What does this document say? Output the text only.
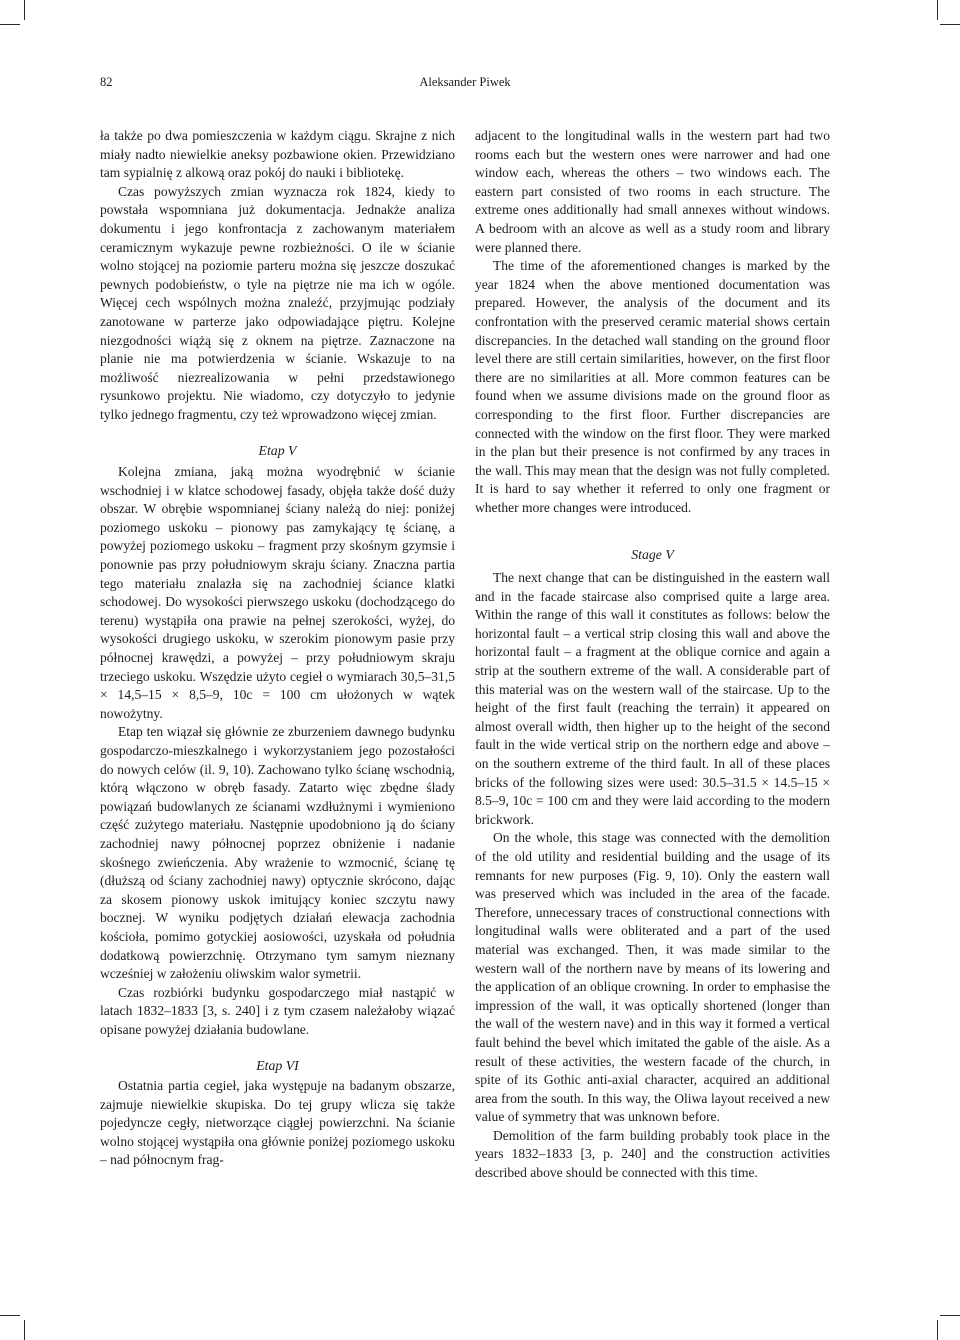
82	Aleksander Piwek

ła także po dwa pomieszczenia w każdym ciągu. Skrajne z nich miały nadto niewielkie aneksy pozbawione okien. Przewidziano tam sypialnię z alkową oraz pokój do nauki i bibliotekę.

Czas powyższych zmian wyznacza rok 1824, kiedy to powstała wspomniana już dokumentacja. Jednakże analiza dokumentu i jego konfrontacja z zachowanym materiałem ceramicznym wykazuje pewne rozbieżności. O ile w ścianie wolno stojącej na poziomie parteru można się jeszcze doszukać pewnych podobieństw, o tyle na piętrze nie ma ich w ogóle. Więcej cech wspólnych można znaleźć, przyjmując podziały zanotowane w parterze jako odpowiadające piętru. Kolejne niezgodności wiążą się z oknem na piętrze. Zaznaczone na planie nie ma potwierdzenia w ścianie. Wskazuje to na możliwość niezrealizowania w pełni przedstawionego rysunkowo projektu. Nie wiadomo, czy dotyczyło to jedynie tylko jednego fragmentu, czy też wprowadzono więcej zmian.

Etap V

Kolejna zmiana, jaką można wyodrębnić w ścianie wschodniej i w klatce schodowej fasady, objęła także dość duży obszar. W obrębie wspomnianej ściany należą do niej: poniżej poziomego uskoku – pionowy pas zamykający tę ścianę, a powyżej poziomego uskoku – fragment przy skośnym gzymsie i ponownie pas przy południowym skraju ściany. Znaczna partia tego materiału znalazła się na zachodniej ściance klatki schodowej. Do wysokości pierwszego uskoku (dochodzącego do terenu) wystąpiła ona prawie na pełnej szerokości, wyżej, do wysokości drugiego uskoku, w szerokim pionowym pasie przy północnej krawędzi, a powyżej – przy południowym skraju trzeciego uskoku. Wszędzie użyto cegieł o wymiarach 30,5–31,5 × 14,5–15 × 8,5–9, 10c = 100 cm ułożonych w wątek nowożytny.

Etap ten wiązał się głównie ze zburzeniem dawnego budynku gospodarczo-mieszkalnego i wykorzystaniem jego pozostałości do nowych celów (il. 9, 10). Zachowano tylko ścianę wschodnią, którą włączono w obręb fasady. Zatarto więc zbędne ślady powiązań budowlanych ze ścianami wzdłużnymi i wymieniono część zużytego materiału. Następnie upodobniono ją do ściany zachodniej nawy północnej poprzez obniżenie i nadanie skośnego zwieńczenia. Aby wrażenie to wzmocnić, ścianę tę (dłuższą od ściany zachodniej nawy) optycznie skrócono, dając za skosem pionowy uskok imitujący koniec szczytu nawy bocznej. W wyniku podjętych działań elewacja zachodnia kościoła, pomimo gotyckiej aosiowości, uzyskała od południa dodatkową powierzchnię. Otrzymano tym samym nieznany wcześniej w założeniu oliwskim walor symetrii.

Czas rozbiórki budynku gospodarczego miał nastąpić w latach 1832–1833 [3, s. 240] i z tym czasem należałoby wiązać opisane powyżej działania budowlane.

Etap VI

Ostatnia partia cegieł, jaka występuje na badanym obszarze, zajmuje niewielkie skupiska. Do tej grupy wlicza się także pojedyncze cegły, nietworzące ciągłej powierzchni. Na ścianie wolno stojącej wystąpiła ona głównie poniżej poziomego uskoku – nad północnym frag-

adjacent to the longitudinal walls in the western part had two rooms each but the western ones were narrower and had one window each, whereas the others – two windows each. The eastern part consisted of two rooms in each structure. The extreme ones additionally had small annexes without windows. A bedroom with an alcove as well as a study room and library were planned there.

The time of the aforementioned changes is marked by the year 1824 when the above mentioned documentation was prepared. However, the analysis of the document and its confrontation with the preserved ceramic material shows certain discrepancies. In the detached wall standing on the ground floor level there are still certain similarities, however, on the first floor there are no similarities at all. More common features can be found when we assume divisions made on the ground floor as corresponding to the first floor. Further discrepancies are connected with the window on the first floor. They were marked in the plan but their presence is not confirmed by any traces in the wall. This may mean that the design was not fully completed. It is hard to say whether it referred to only one fragment or whether more changes were introduced.

Stage V

The next change that can be distinguished in the eastern wall and in the facade staircase also comprised quite a large area. Within the range of this wall it constitutes as follows: below the horizontal fault – a vertical strip closing this wall and above the horizontal fault – a fragment at the oblique cornice and again a strip at the southern extreme of the wall. A considerable part of this material was on the western wall of the staircase. Up to the height of the first fault (reaching the terrain) it appeared on almost overall width, then higher up to the height of the second fault in the wide vertical strip on the northern edge and above – on the southern extreme of the third fault. In all of these places bricks of the following sizes were used: 30.5–31.5 × 14.5–15 × 8.5–9, 10c = 100 cm and they were laid according to the modern brickwork.

On the whole, this stage was connected with the demolition of the old utility and residential building and the usage of its remnants for new purposes (Fig. 9, 10). Only the eastern wall was preserved which was included in the area of the facade. Therefore, unnecessary traces of constructional connections with longitudinal walls were obliterated and a part of the used material was exchanged. Then, it was made similar to the western wall of the northern nave by means of its lowering and the application of an oblique crowning. In order to emphasise the impression of the wall, it was optically shortened (longer than the wall of the western nave) and in this way it formed a vertical fault behind the bevel which imitated the gable of the aisle. As a result of these activities, the western facade of the church, in spite of its Gothic anti-axial character, acquired an additional area from the south. In this way, the Oliwa layout received a new value of symmetry that was unknown before.

Demolition of the farm building probably took place in the years 1832–1833 [3, p. 240] and the construction activities described above should be connected with this time.
